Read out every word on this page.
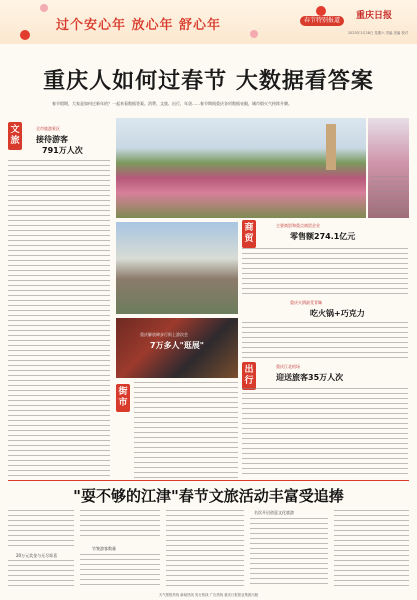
过个安心年 放心年 舒心年	春节特别报道	重庆日报
2023年1月28日 星期六 责编 美编 校对
重庆人如何过春节 大数据看答案
春节假期，大家是如何过新年的？一起来看数据答案。消费、文旅、出行、年货……春节期间重庆各项数据亮眼，城市烟火气持续升腾。
文旅
全市旅游景区
接待游客
791万人次
商贸
主要商贸和重点商贸企业
零售额274.1亿元
重庆火锅最受青睐
吃火锅+巧克力
街市
重庆解放碑步行街上游次会
7万多人"逛展"
出行
重庆江北机场
迎送旅客35万人次
"耍不够的江津"春节文旅活动丰富受追捧
20万元奖金与无尽惊喜
竹签游客数量
名次开启创意文化旅游
天气预报热线 新闻热线 发行热线 广告热线 重庆日报报业集团出版
